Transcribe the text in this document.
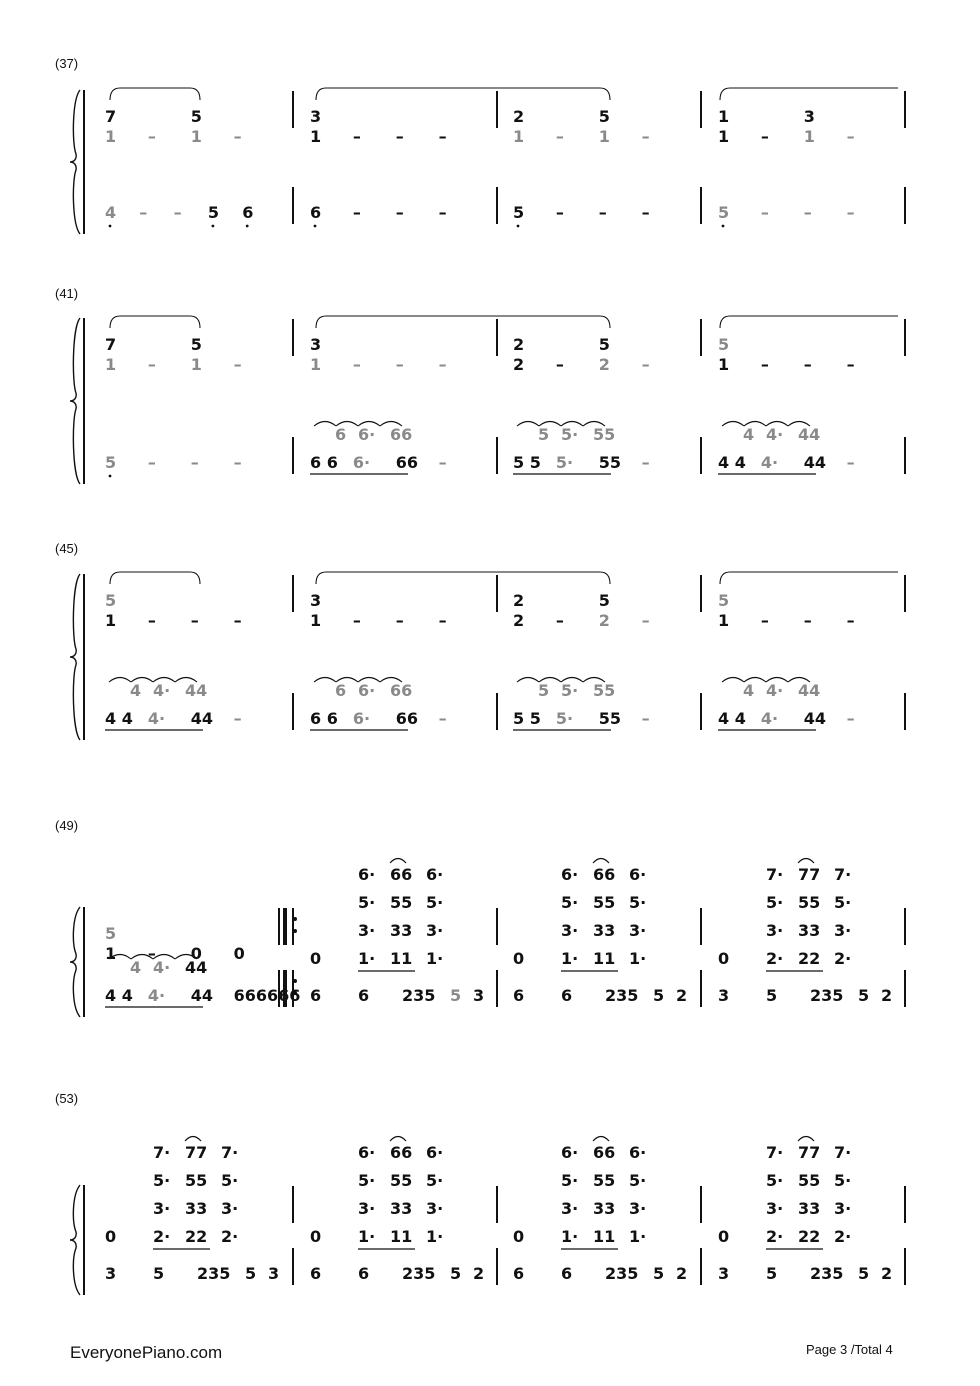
(37)
1 – 1 –
7	5
4 – – 5 6
1 – – –
3
6 – – –
1 – 1 –
2	5
5 – – –
1 – 1 –
1	3
5 – – –
(41)
1 – 1 –
7	5
5 – – –
1 – – –
3
6 6 6· 66 –
6 6· 66
2 – 2 –
2	5
5 5 5· 55 –
5 5· 55
1 – – –
5
4 4 4· 44 –
4 4· 44
(45)
1 – – –
5
4 4 4· 44 –
4 4· 44
1 – – –
3
6 6 6· 66 –
6 6· 66
2 – 2 –
2	5
5 5 5· 55 –
5 5· 55
1 – – –
5
4 4 4· 44 –
4 4· 44
(49)
1 – 0 0
5
4 4 4· 44 666666
4 4· 44
6· 66 6·
5· 55 5·
3· 33 3·
0 1· 11 1·
6 6 235 5 3
6· 66 6·
5· 55 5·
3· 33 3·
0 1· 11 1·
6 6 235 5 2
7· 77 7·
5· 55 5·
3· 33 3·
0 2· 22 2·
3 5 235 5 2
(53)
7· 77 7·
5· 55 5·
3· 33 3·
0 2· 22 2·
3 5 235 5 3
6· 66 6·
5· 55 5·
3· 33 3·
0 1· 11 1·
6 6 235 5 2
6· 66 6·
5· 55 5·
3· 33 3·
0 1· 11 1·
6 6 235 5 2
7· 77 7·
5· 55 5·
3· 33 3·
0 2· 22 2·
3 5 235 5 2
EveryonePiano.com	Page 3 /Total 4
